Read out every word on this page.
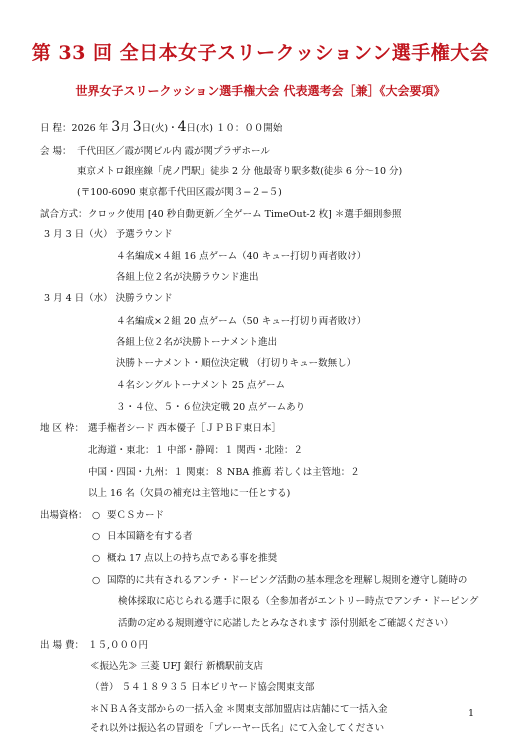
第 33 回 全日本女子スリークッションン選手権大会
世界女子スリークッション選手権大会 代表選考会［兼］《大会要項》
日 程：2026 年 3月 3日(火)・4日(水) １０：００開始
会 場： 千代田区／霞が関ビル内 霞が関プラザホール
東京メトロ銀座線「虎ノ門駅」徒歩 2 分 他最寄り駅多数(徒歩 6 分〜10 分)
(〒100-6090 東京都千代田区霞が関３−２−５)
試合方式： クロック使用 [40 秒自動更新／全ゲーム TimeOut-2 枚] ＊選手細則参照
3 月 3 日（火） 予選ラウンド
４名編成×４組 16 点ゲーム（40 キュー打切り両者敗け）
各組上位２名が決勝ラウンド進出
3 月 4 日（水） 決勝ラウンド
４名編成×２組 20 点ゲーム（50 キュー打切り両者敗け）
各組上位２名が決勝トーナメント進出
決勝トーナメント・順位決定戦 （打切りキュー数無し）
４名シングルトーナメント 25 点ゲーム
３・４位、５・６位決定戦 20 点ゲームあり
地 区 枠： 選手権者シード 西本優子［ＪＰＢＦ東日本］
北海道・東北：１ 中部・静岡：１ 関西・北陸：２
中国・四国・九州：１ 関東：８ NBA 推薦 若しくは主管地：２
以上 16 名（欠員の補充は主管地に一任とする)
出場資格： ○ 要ＣＳカード
○ 日本国籍を有する者
○ 概ね 17 点以上の持ち点である事を推奨
○ 国際的に共有されるアンチ・ドーピング活動の基本理念を理解し規則を遵守し随時の
検体採取に応じられる選手に限る（全参加者がエントリー時点でアンチ・ドーピング
活動の定める規則遵守に応諾したとみなされます 添付別紙をご確認ください）
出 場 費： １５,０００円
≪振込先≫ 三菱 UFJ 銀行 新橋駅前支店
（普） ５４１８９３５ 日本ビリヤード協会関東支部
＊ＮＢＡ各支部からの一括入金 ＊関東支部加盟店は店舗にて一括入金
それ以外は振込名の冒頭を「プレーヤー氏名」にて入金してください
1
